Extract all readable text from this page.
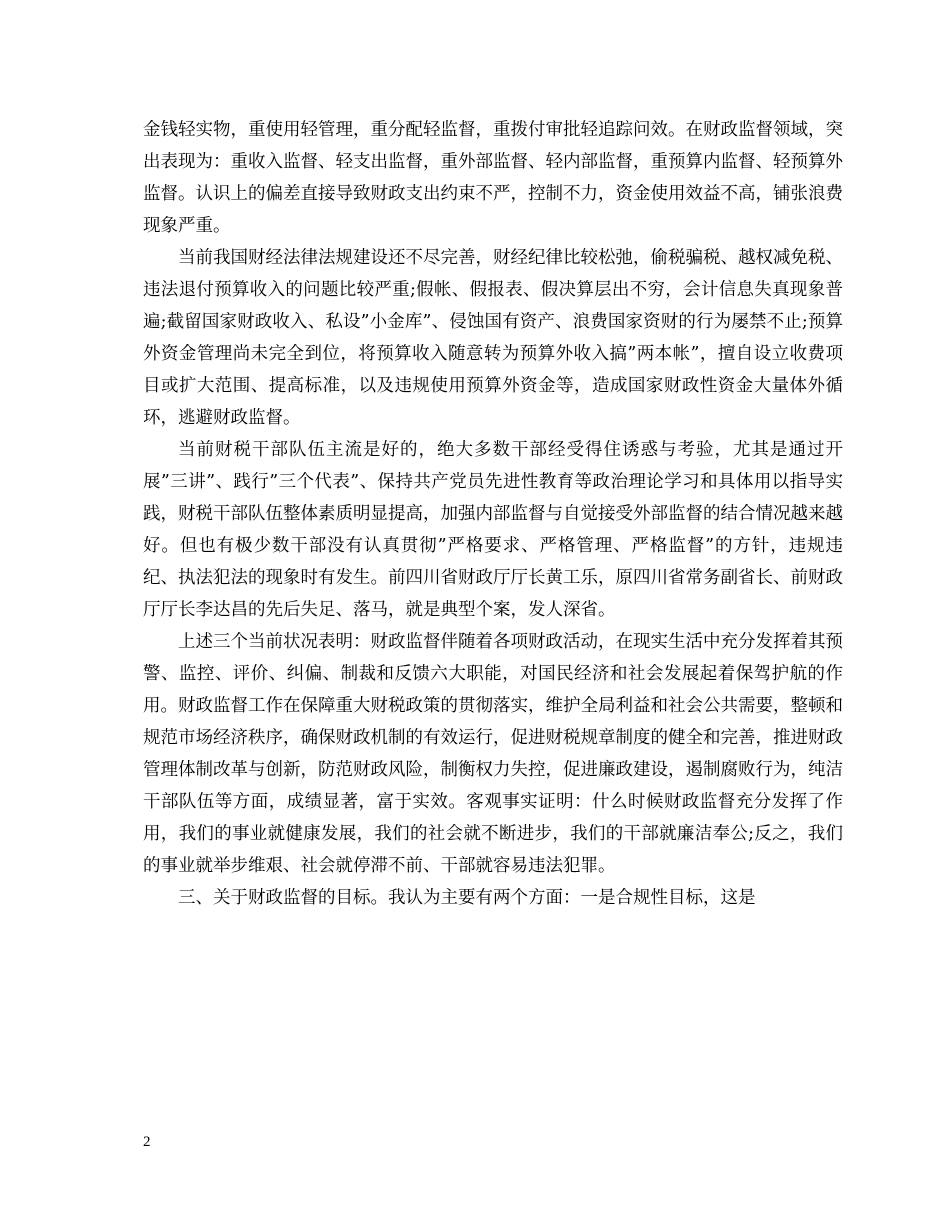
金钱轻实物，重使用轻管理，重分配轻监督，重拨付审批轻追踪问效。在财政监督领域，突出表现为：重收入监督、轻支出监督，重外部监督、轻内部监督，重预算内监督、轻预算外监督。认识上的偏差直接导致财政支出约束不严，控制不力，资金使用效益不高，铺张浪费现象严重。

当前我国财经法律法规建设还不尽完善，财经纪律比较松弛，偷税骗税、越权减免税、违法退付预算收入的问题比较严重;假帐、假报表、假决算层出不穷，会计信息失真现象普遍;截留国家财政收入、私设”小金库”、侵蚀国有资产、浪费国家资财的行为屡禁不止;预算外资金管理尚未完全到位，将预算收入随意转为预算外收入搞”两本帐”，擅自设立收费项目或扩大范围、提高标准，以及违规使用预算外资金等，造成国家财政性资金大量体外循环，逃避财政监督。

当前财税干部队伍主流是好的，绝大多数干部经受得住诱惑与考验，尤其是通过开展”三讲”、践行”三个代表”、保持共产党员先进性教育等政治理论学习和具体用以指导实践，财税干部队伍整体素质明显提高，加强内部监督与自觉接受外部监督的结合情况越来越好。但也有极少数干部没有认真贯彻”严格要求、严格管理、严格监督”的方针，违规违纪、执法犯法的现象时有发生。前四川省财政厅厅长黄工乐，原四川省常务副省长、前财政厅厅长李达昌的先后失足、落马，就是典型个案，发人深省。

上述三个当前状况表明：财政监督伴随着各项财政活动，在现实生活中充分发挥着其预警、监控、评价、纠偏、制裁和反馈六大职能，对国民经济和社会发展起着保驾护航的作用。财政监督工作在保障重大财税政策的贯彻落实，维护全局利益和社会公共需要，整顿和规范市场经济秩序，确保财政机制的有效运行，促进财税规章制度的健全和完善，推进财政管理体制改革与创新，防范财政风险，制衡权力失控，促进廉政建设，遏制腐败行为，纯洁干部队伍等方面，成绩显著，富于实效。客观事实证明：什么时候财政监督充分发挥了作用，我们的事业就健康发展，我们的社会就不断进步，我们的干部就廉洁奉公;反之，我们的事业就举步维艰、社会就停滞不前、干部就容易违法犯罪。

三、关于财政监督的目标。我认为主要有两个方面：一是合规性目标，这是

2
